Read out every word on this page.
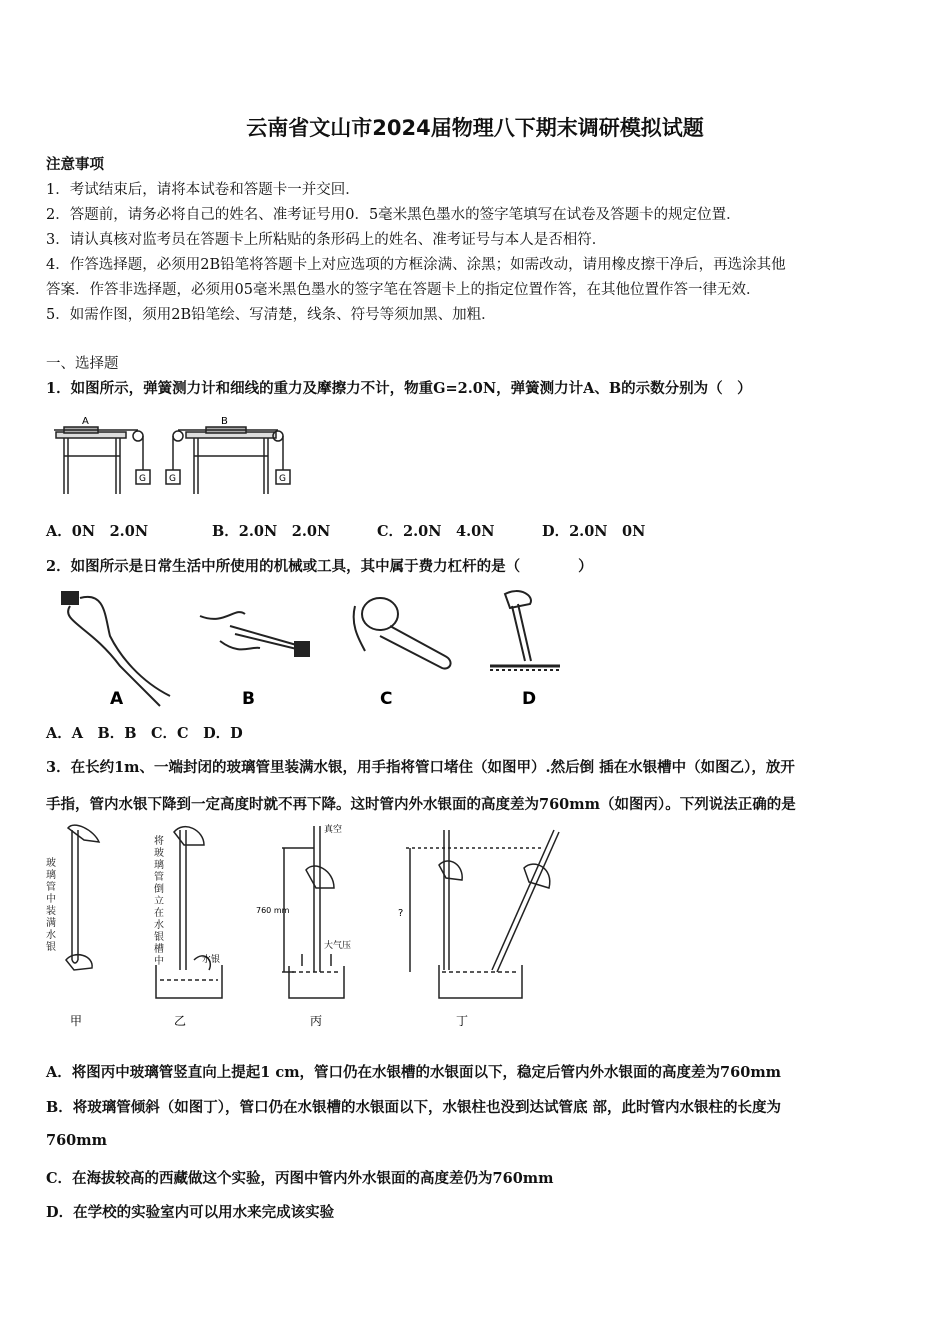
云南省文山市2024届物理八下期末调研模拟试题
注意事项
1．考试结束后，请将本试卷和答题卡一并交回．
2．答题前，请务必将自己的姓名、准考证号用0．5毫米黑色墨水的签字笔填写在试卷及答题卡的规定位置．
3．请认真核对监考员在答题卡上所粘贴的条形码上的姓名、准考证号与本人是否相符．
4．作答选择题，必须用2B铅笔将答题卡上对应选项的方框涂满、涂黑；如需改动，请用橡皮擦干净后，再选涂其他
答案．作答非选择题，必须用05毫米黑色墨水的签字笔在答题卡上的指定位置作答，在其他位置作答一律无效．
5．如需作图，须用2B铅笔绘、写清楚，线条、符号等须加黑、加粗．
一、选择题
1．如图所示，弹簧测力计和细线的重力及摩擦力不计，物重G=2.0N，弹簧测力计A、B的示数分别为（　）
A	B
G	G	G
A．0N　2.0N	B．2.0N　2.0N	C．2.0N　4.0N	D．2.0N　0N
2．如图所示是日常生活中所使用的机械或工具，其中属于费力杠杆的是（　　　　）
A	B	C	D
A．A　B．B　C．C　D．D
3．在长约1m、一端封闭的玻璃管里装满水银，用手指将管口堵住（如图甲）.然后倒 插在水银槽中（如图乙），放开
手指，管内水银下降到一定高度时就不再下降。这时管内外水银面的高度差为760mm（如图丙）。下列说法正确的是
甲	乙	丙	丁
水银
真空
大气压
760 mm	?
玻璃管中装满水银
将玻璃管倒立在水银槽中
A．将图丙中玻璃管竖直向上提起1 cm，管口仍在水银槽的水银面以下，稳定后管内外水银面的高度差为760mm
B．将玻璃管倾斜（如图丁），管口仍在水银槽的水银面以下，水银柱也没到达试管底 部，此时管内水银柱的长度为
760mm
C．在海拔较高的西藏做这个实验，丙图中管内外水银面的高度差仍为760mm
D．在学校的实验室内可以用水来完成该实验
